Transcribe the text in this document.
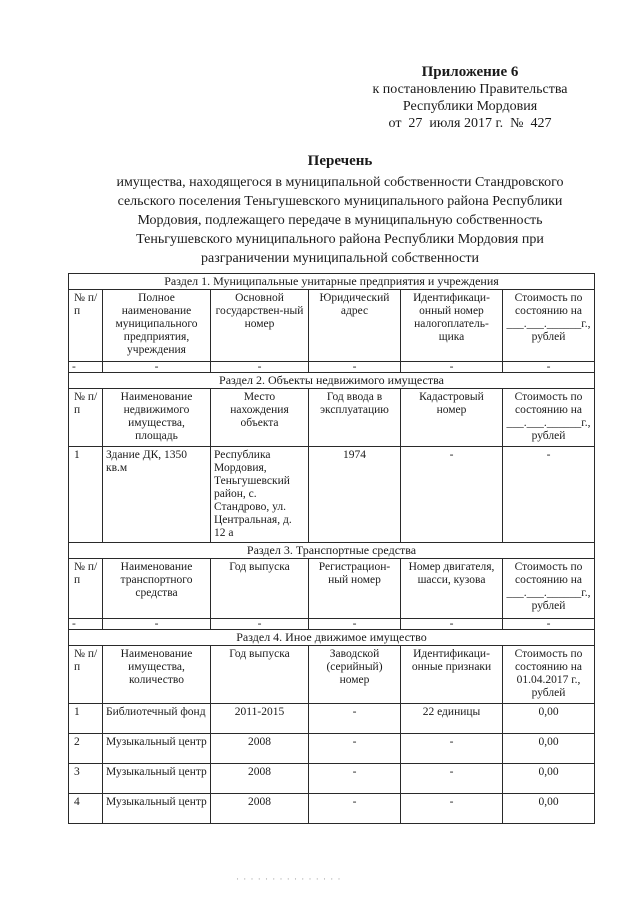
Приложение 6
к постановлению Правительства
Республики Мордовия
от  27  июля 2017 г.  №  427
Перечень
имущества, находящегося в муниципальной собственности Стандровского
сельского поселения Теньгушевского муниципального района Республики
Мордовия, подлежащего передаче в муниципальную собственность
Теньгушевского муниципального района Республики Мордовия при
разграничении муниципальной собственности
Раздел 1. Муниципальные унитарные предприятия и учреждения					
№ п/п	Полное наименование муниципального предприятия, учреждения	Основной государствен-ный номер	Юридический адрес	Идентификаци-онный номер налогоплатель-щика	Стоимость по состоянию на ___.___.______г., рублей
-	-	-	-	-	-
Раздел 2. Объекты недвижимого имущества					
№ п/п	Наименование недвижимого имущества, площадь	Место нахождения объекта	Год ввода в эксплуатацию	Кадастровый номер	Стоимость по состоянию на ___.___.______г., рублей
1	Здание ДК, 1350 кв.м	Республика Мордовия, Теньгушевский район, с. Стандрово, ул. Центральная, д. 12 а	1974	-	-
Раздел 3. Транспортные средства					
№ п/п	Наименование транспортного средства	Год выпуска	Регистрацион-ный номер	Номер двигателя, шасси, кузова	Стоимость по состоянию на ___.___.______г., рублей
-	-	-	-	-	-
Раздел 4. Иное движимое имущество					
№ п/п	Наименование имущества, количество	Год выпуска	Заводской (серийный) номер	Идентификаци-онные признаки	Стоимость по состоянию на 01.04.2017 г., рублей
1	Библиотечный фонд	2011-2015	-	22 единицы	0,00
2	Музыкальный центр	2008	-	-	0,00
3	Музыкальный центр	2008	-	-	0,00
4	Музыкальный центр	2008	-	-	0,00
· · · · · · · · · · · · · · ·
